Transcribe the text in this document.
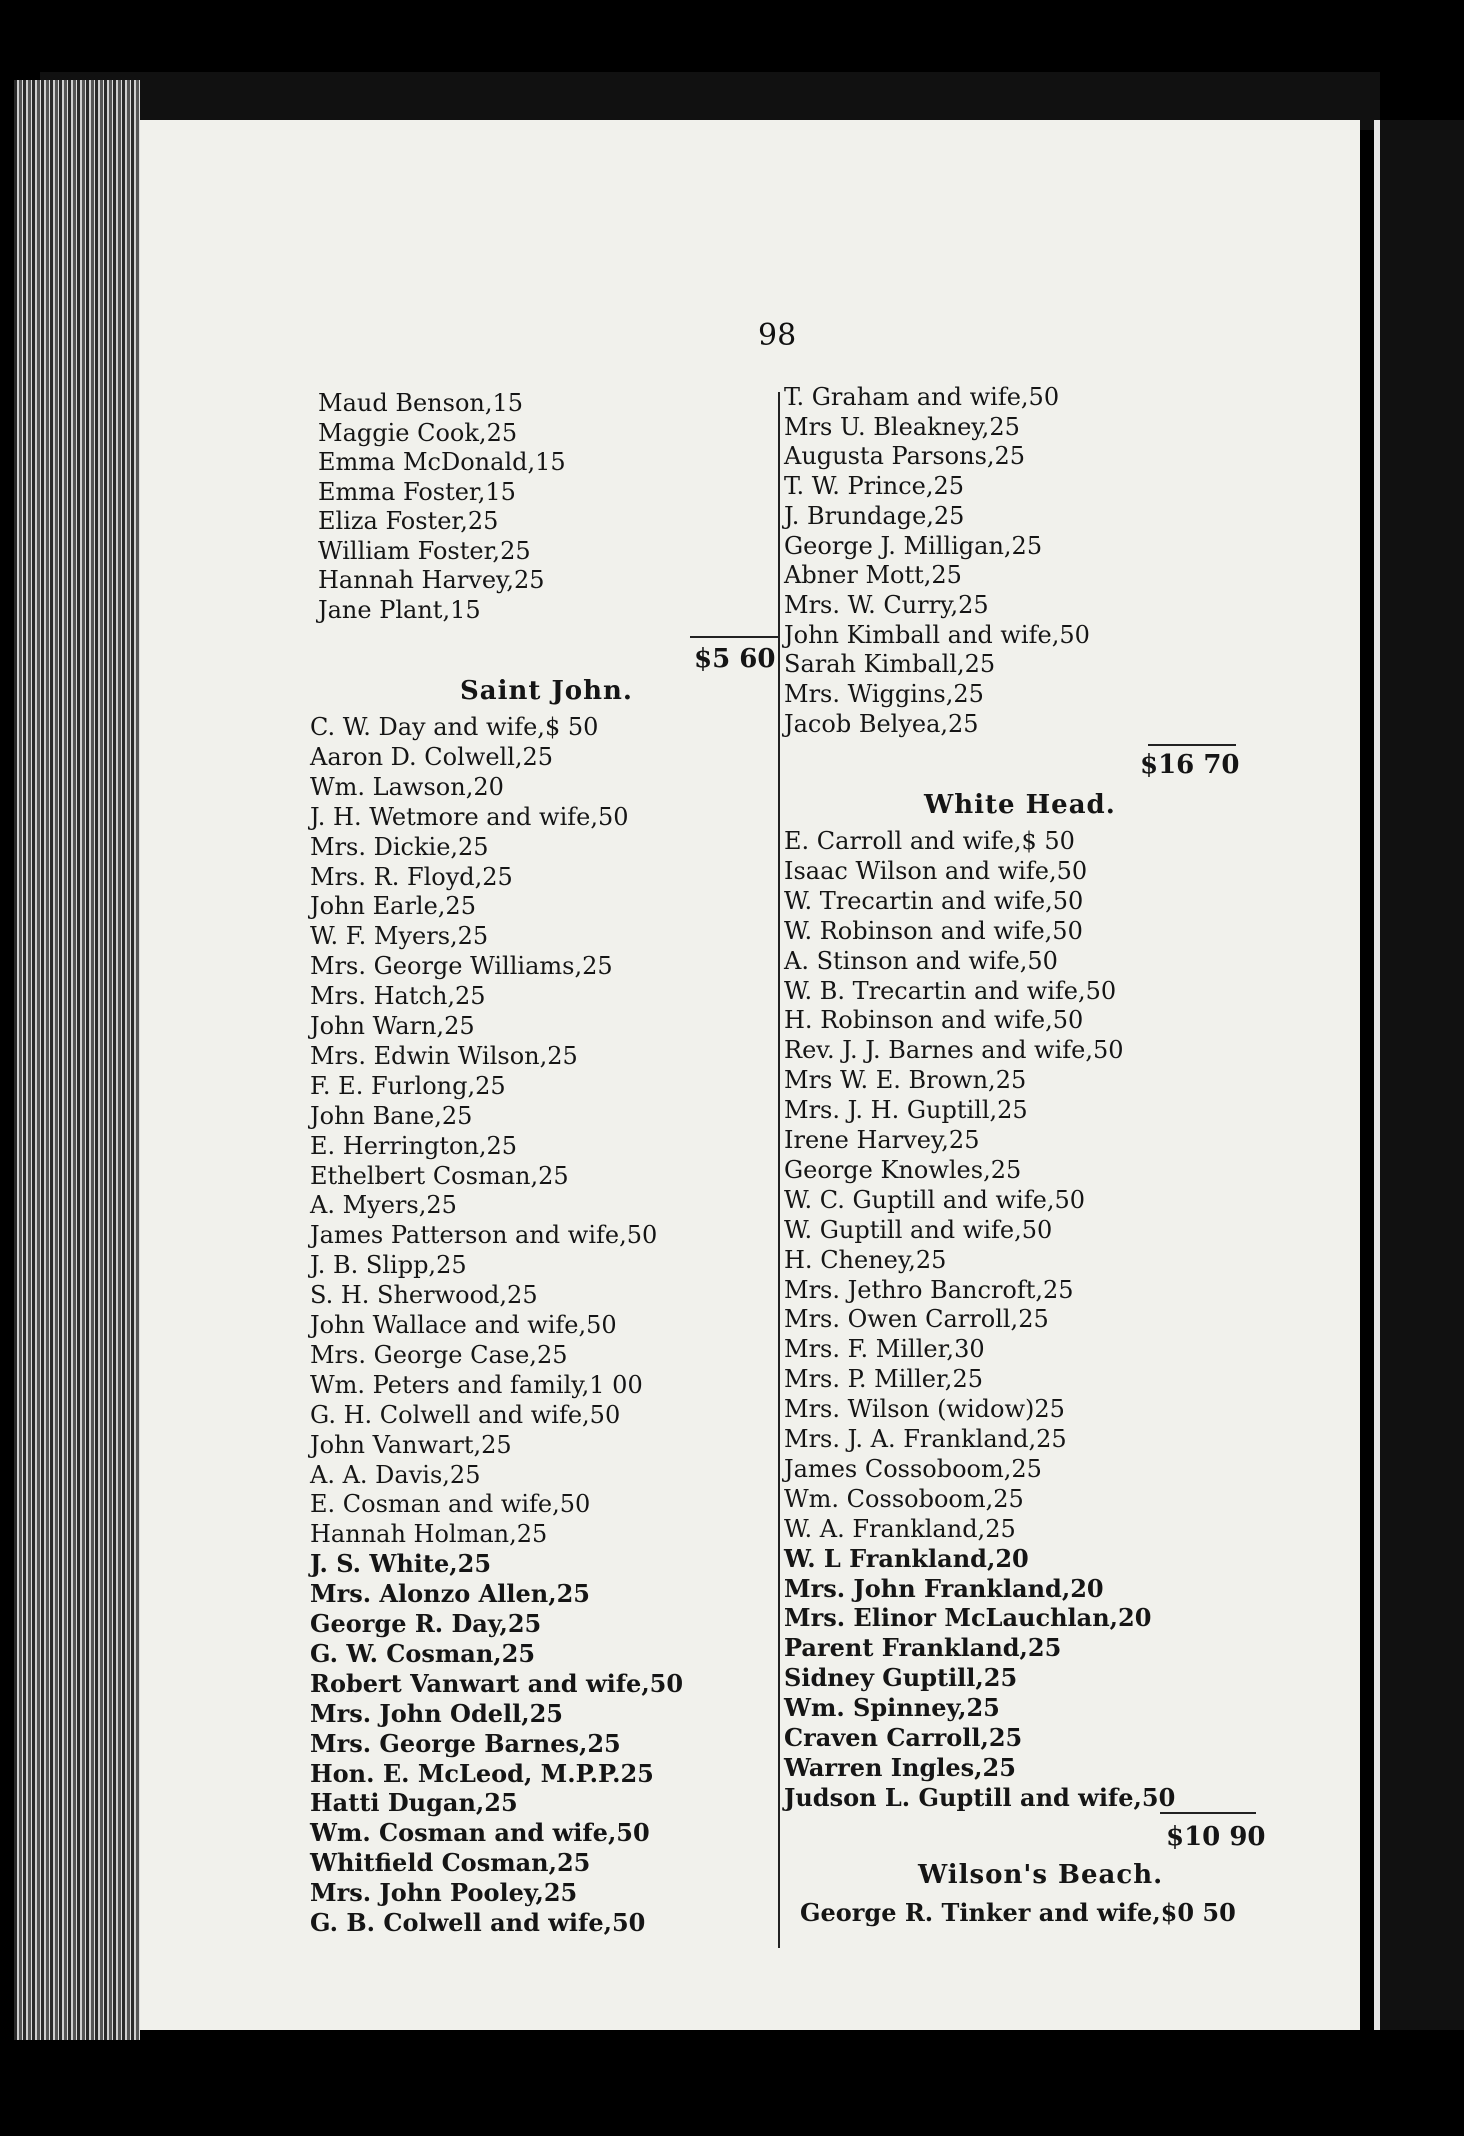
98
Maud Benson,15
Maggie Cook,25
Emma McDonald,15
Emma Foster,15
Eliza Foster,25
William Foster,25
Hannah Harvey,25
Jane Plant,15
$5 60
Saint John.
C. W. Day and wife,$ 50
Aaron D. Colwell,25
Wm. Lawson,20
J. H. Wetmore and wife,50
Mrs. Dickie,25
Mrs. R. Floyd,25
John Earle,25
W. F. Myers,25
Mrs. George Williams,25
Mrs. Hatch,25
John Warn,25
Mrs. Edwin Wilson,25
F. E. Furlong,25
John Bane,25
E. Herrington,25
Ethelbert Cosman,25
A. Myers,25
James Patterson and wife,50
J. B. Slipp,25
S. H. Sherwood,25
John Wallace and wife,50
Mrs. George Case,25
Wm. Peters and family,1 00
G. H. Colwell and wife,50
John Vanwart,25
A. A. Davis,25
E. Cosman and wife,50
Hannah Holman,25
J. S. White,25
Mrs. Alonzo Allen,25
George R. Day,25
G. W. Cosman,25
Robert Vanwart and wife,50
Mrs. John Odell,25
Mrs. George Barnes,25
Hon. E. McLeod, M.P.P.25
Hatti Dugan,25
Wm. Cosman and wife,50
Whitfield Cosman,25
Mrs. John Pooley,25
G. B. Colwell and wife,50
T. Graham and wife,50
Mrs U. Bleakney,25
Augusta Parsons,25
T. W. Prince,25
J. Brundage,25
George J. Milligan,25
Abner Mott,25
Mrs. W. Curry,25
John Kimball and wife,50
Sarah Kimball,25
Mrs. Wiggins,25
Jacob Belyea,25
$16 70
White Head.
E. Carroll and wife,$ 50
Isaac Wilson and wife,50
W. Trecartin and wife,50
W. Robinson and wife,50
A. Stinson and wife,50
W. B. Trecartin and wife,50
H. Robinson and wife,50
Rev. J. J. Barnes and wife,50
Mrs W. E. Brown,25
Mrs. J. H. Guptill,25
Irene Harvey,25
George Knowles,25
W. C. Guptill and wife,50
W. Guptill and wife,50
H. Cheney,25
Mrs. Jethro Bancroft,25
Mrs. Owen Carroll,25
Mrs. F. Miller,30
Mrs. P. Miller,25
Mrs. Wilson (widow)25
Mrs. J. A. Frankland,25
James Cossoboom,25
Wm. Cossoboom,25
W. A. Frankland,25
W. L Frankland,20
Mrs. John Frankland,20
Mrs. Elinor McLauchlan,20
Parent Frankland,25
Sidney Guptill,25
Wm. Spinney,25
Craven Carroll,25
Warren Ingles,25
Judson L. Guptill and wife,50
$10 90
Wilson's Beach.
George R. Tinker and wife,$0 50
